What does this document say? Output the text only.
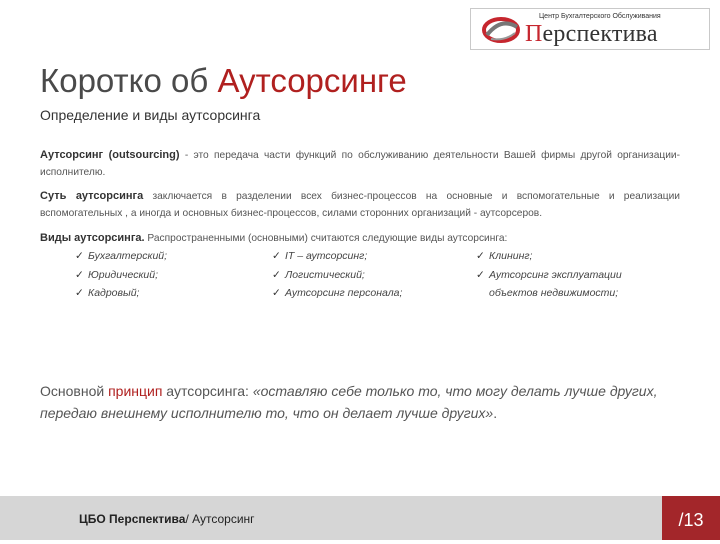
Центр Бухгалтерского Обслуживания
Перспектива
Коротко об Аутсорсинге
Определение и виды аутсорсинга

Аутсорсинг (outsourcing) - это передача части функций по обслуживанию деятельности Вашей фирмы другой организации-исполнителю.

Суть аутсорсинга заключается в разделении всех бизнес-процессов на основные и вспомогательные и реализации вспомогательных , а иногда и основных бизнес-процессов, силами сторонних организаций - аутсорсеров.

Виды аутсорсинга. Распространенными (основными) считаются следующие виды аутсорсинга:

✓ Бухгалтерский;
✓ Юридический;
✓ Кадровый;
✓ IT – аутсорсинг;
✓ Логистический;
✓ Аутсорсинг персонала;
✓ Клининг;
✓ Аутсорсинг эксплуатации
объектов недвижимости;

Основной принцип аутсорсинга: «оставляю себе только то, что могу делать лучше других, передаю внешнему исполнителю то, что он делает лучше других».

ЦБО Перспектива/ Аутсорсинг	/13
